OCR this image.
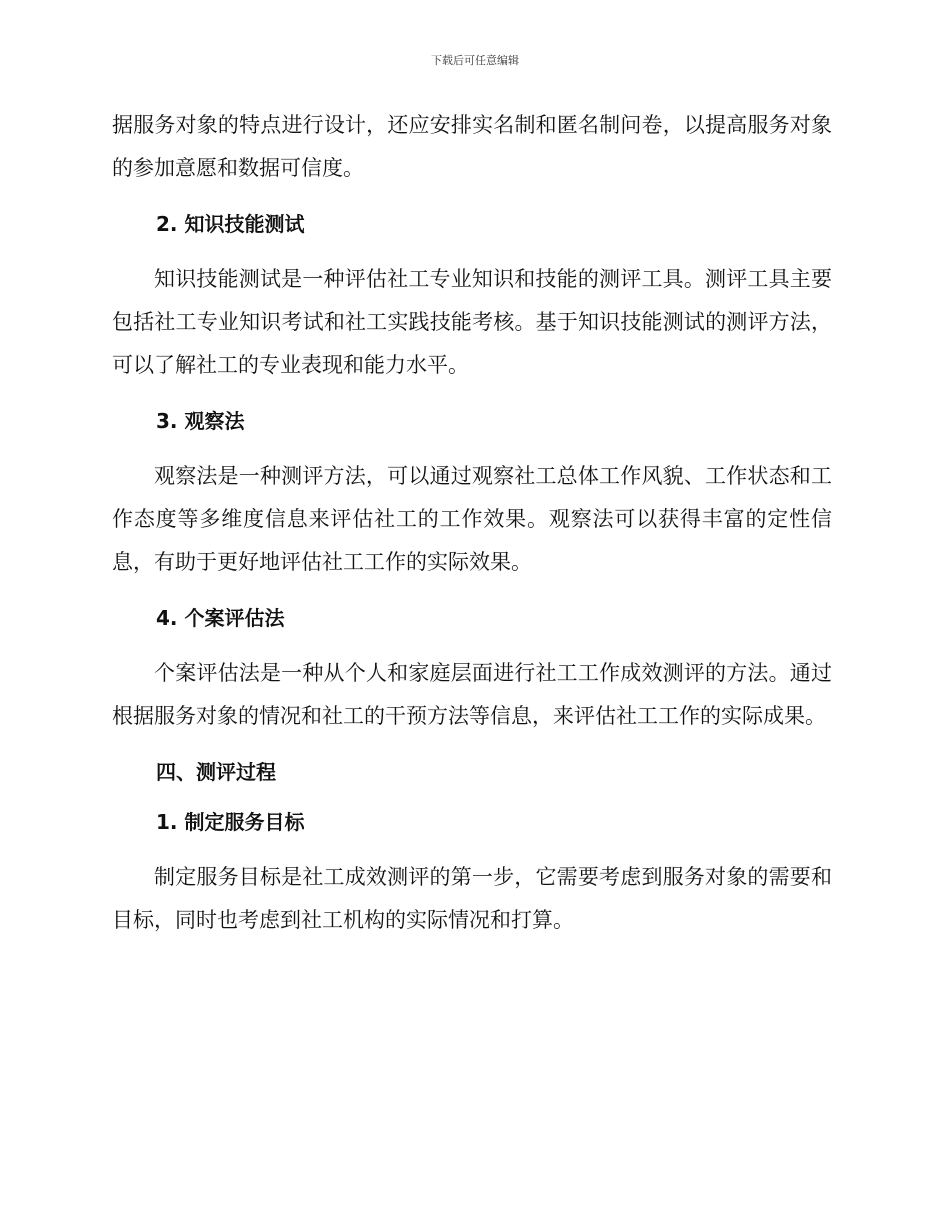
下载后可任意编辑

据服务对象的特点进行设计，还应安排实名制和匿名制问卷，以提高服务对象的参加意愿和数据可信度。

2. 知识技能测试

知识技能测试是一种评估社工专业知识和技能的测评工具。测评工具主要包括社工专业知识考试和社工实践技能考核。基于知识技能测试的测评方法，可以了解社工的专业表现和能力水平。

3. 观察法

观察法是一种测评方法，可以通过观察社工总体工作风貌、工作状态和工作态度等多维度信息来评估社工的工作效果。观察法可以获得丰富的定性信息，有助于更好地评估社工工作的实际效果。

4. 个案评估法

个案评估法是一种从个人和家庭层面进行社工工作成效测评的方法。通过根据服务对象的情况和社工的干预方法等信息，来评估社工工作的实际成果。

四、测评过程
1. 制定服务目标

制定服务目标是社工成效测评的第一步，它需要考虑到服务对象的需要和目标，同时也考虑到社工机构的实际情况和打算。
